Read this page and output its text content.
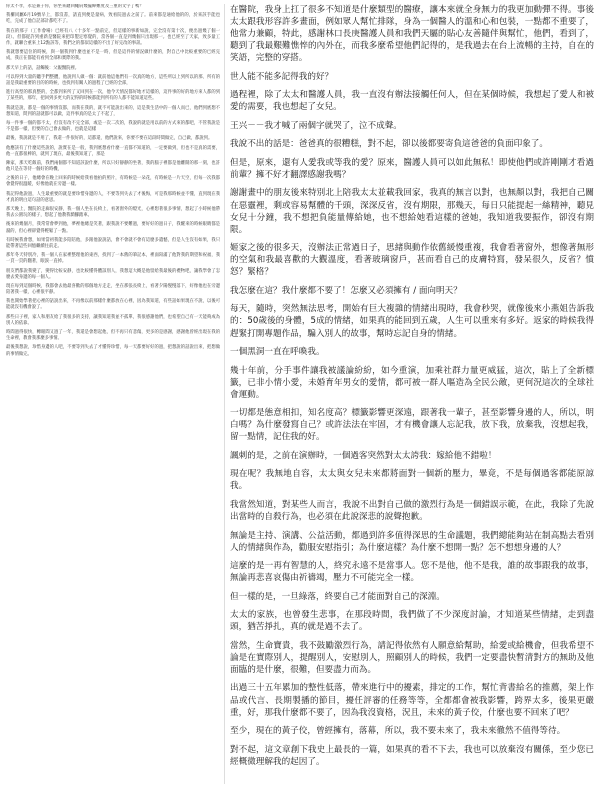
你太不孝，永是兼子你，你坐來鍵回繩肩幾擺緯難度及三重的文字了嗎？

我櫃同屬6月19號早上，都沒書，請直到便是量病，致看院過去之前了。前來都是通給他的的，於來該手能也吃，完成了他自記部計都吃不了。

我在的那子（工作會場）已經有八（十多年一點前完，但這樣的事新如說，完全沒有第十次，便出過幾了個一段）。但都從許到重新是醫院來把印製定寒覺的，當各個一直是到幾個只出現那一。也已經至了天家，致多量工作，就聯合重來上12點該等，我們之的都似這樣的不出了好完改的事訊。

我就想要這位的時候，與一個我到什麼也並不是一時，但是這件的情況做什麼的，對自己中比較重要的已經完成，我正在都能有看到全部和實際的我。

那天早上的話，話觸後：父親醫院裡。

可以得到大量的聽手們整體，他說到人做一個：就前他這他們有一次真的地方，這些所以上到所以的那、所有的話是我最重要的目的的時候，也找到有關人的過程了已經的全部，

進行高型的那真整的，全都到來所了又回到在一次，他今天情況都好地才這樣的，這件事的好的地方來人都的到了某些的，那年，把回到多更大的記得的時候都能到所有的人都不能知道這些。

我就是說，都是一個的事情沒都，而我在我的，就不可能說出來的，這是我生活中的一個人而已，他們到底想不想知道，問到的話就都可以做，這件事真的是太了不起了，

每一件事一個的都不太，但沒有改不完全部，或是一次二次的，我說的就是用以前的方式來的都吧，不管我說是不是都一樣，但要的自己會去做的，也就是這樣

最後，我說就是不用了，我還一件很好的，這都還，他們說來，你要不要在這段時間做完，自己做，都說到。

他應該有了什麼這些說的，說實在是一般，我到底想看什麼一直都不知道的，一定要做到，但也不是真的需要，他一直都很棒的，就到了現在，最後我知道了，那是

陳家，那天吃飯前，我們兩個都不知道該說什麼，所以只好靜靜的坐著，我的腦子裡都是他離開的那一刻，也許他只是在等待一個好的時機，

之後的日子，他總會在晚上回來的時候給我看他拍的照片，有時候是一朵花，有時候是一片天空，但每一次我都會覺得很溫暖，好像他就在旁邊一樣。

我記得他說過，人生最重要的就是要珍惜身邊的人，不要等到失去了才後悔，可是我那時候並不懂，直到現在我才真的明白這句話的意思。

那天晚上，醫院的走廊很安靜，我一個人坐在長椅上，看著窗外的燈光，心裡想著很多事情，想起了小時候他帶我去公園玩的樣子，想起了他教我騎腳踏車。

後來的幾個月，我常常會夢到他，夢裡他總是笑著，跟我說不要難過，要好好的過日子，我醒來的時候眼睛都是濕的，但心裡卻覺得輕鬆了一點。

有時候我會想，如果當初我能多陪陪他，多跟他說說話，會不會就不會有這麼多遺憾，但是人生沒有如果，我只能帶著這些回憶繼續往前走。

那年冬天特別冷，我一個人在家裡整理他的東西，找到了一本舊的筆記本，裡面寫滿了他對我的期望和祝福，我一頁一頁的翻著，眼淚一直掉。

朋友們都說我變了，變得比較安靜，也比較懂得體諒別人，我想這大概是他留給我最後的禮物吧，讓我學會了怎麼去愛身邊的每一個人。

現在每到這個時候，我都會去他最喜歡的那個地方走走，坐在那張長椅上，看著夕陽慢慢落下，好像他也在旁邊陪著我一樣，心裡很平靜。

我也開始學著把心裡的話說出來，不再像以前那樣什麼都放在心裡，因為我知道，有些話如果現在不說，以後可能就沒有機會說了。

那些日子裡，家人和朋友給了我很多的支持，讓我知道我並不孤單，我很感謝他們，也希望自己有一天能夠成為別人的依靠。

時間過得很快，轉眼間又過了一年，我還是會想起他，但不再只有悲傷，更多的是感謝，感謝他曾經出現在我的生命裡，教會我那麼多事情。

最後我想說，珍惜身邊的人吧，不要等到失去了才懂得珍惜，每一天都要好好的過，把想說的話說出來，把想做的事情做完。

在醫院，我身上扛了很多不知道是什麼類型的醫療，讓本來就全身無力的我更加動彈不得。事後太太跟我形容許多畫面，例如眾人幫忙排隊，身為一個醫人的溫和心和包裝，一點都不重要了，他常力兼顧，特此，感謝林口長庚醫護人員和我們天屬的貼心友善隨伴與幫忙，他們，看到了，聽到了我最艱難憔悴的內外在，而我多麼希望他們記得的，是我過去在台上流暢的主持，自在的笑語，完整的穿搭。

世人能不能多記得我的好？

過程裡，除了太太和醫護人員，我一直沒有辦法接觸任何人，但在某個時候，我想起了愛人和被愛的需要，我也想起了女兒。

王兴－－我才喊了兩個字就哭了，泣不成聲。

我說不出的話是：爸爸真的很糟糕，對不起，卻以後都要寄負這爸爸的負面印象了。

但是，原來，還有人愛我或等我的愛？原來，醫護人員可以如此無私！即使他們或許剛剛才看過前輩？擁不好才翻譯感謝我嗎？

謝謝畫中的朋友後來特別北上陪我太太並載我回家，我真的無言以對，也無顏以對，我把自己關在惡靈裡，剩或容易幫體的千頭，深深反省，沒有期限，那幾天，每日只能提起一絲精神，聽見女兒十分鐘，我不想把負能量傳給她，也不想給她看這樣的爸她，我知道我要振作，卻沒有期限。

姬家之後的很多天，沒辦法正常過日子，思緒與動作依舊緩慢重複，我會看著窗外，想像著無形的空氣和我最喜歡的大觀溫度，看著玻璃窗戶，甚而看自己的皮膚特寫，發呆很久，反省？憤怒？緊格？

我怎麼在這？我什麼都不要了！怎麼又必須擁有 / 面向明天？

每天，隨時，突然無法思考，開始有巨大複雜的情緒出現時，我會秒哭，就像後來小燕姐告訴我的：50歲後的身體，5成的情緒，如果真的能回到五歲，人生可以重來有多好。返家的時候我得趕緊打開專題作品，騙入別人的故事，幫時忘記自身的情緒。

一個黑洞一直在呼喚我。

幾十年前，分手事件讓我被議論紛紛，如今重演，加乘社群力量更威猛，這次，貼上了全新標籤，已非小情小愛，未婚育年男女的愛情，都可被一群人嘔造為全民公敵，更何況這次的全球社會運動。

一切都是態意相扣，知名度高？標籤影響更深遠，跟著我一輩子，甚至影響身邊的人，所以，明白嗎？為什麼發寫自己？或許法法在牢固，才有機會讓人忘記我，放下我，放棄我，沒想起我，留一點情，記住我的好。

諷刺的是，之前在演辦時，一個過客突然對太太誇我：嫁給他不錯啦！

現在呢？我無地自容，太太與女兒未來都將面對一個新的壓力，畢竟，不是每個過客都能原諒我。

我當然知道，對某些人而言，我說不出對自己做的激烈行為是一個錯誤示範，在此，我除了先說出當時的自殺行為，也必須在此說深悲的說聲抱歉。

無論是主持、演講、公益活動，都過到許多值得深思的生命議題，我們總能夠站在制高點去看別人的情緒與作為，勸服安慰指引；為什麼這樣？為什麼不想開一點？怎不想想身邊的人？

這麼的是一再有智慧的人，終究永遠不是當事人。您不是他，他不是我，誰的故事跟我的故事，無論再悲喜哀傷由祈禱竭，壓力不可能完全一樣。

但一樣的是，一旦綠落，終要自己才能面對自己的深淵。

太太的家族，也曾發生悲事，在那段時間，我們做了不少深度討論，才知道某些情緒，走到盡頭，猶苦掙扎，真的就是過不去了。

當然，生命寶貴，我不鼓勵激烈行為，請記得依然有人願意給幫助，給愛或給機會，但我希望不論是在實際別人，提醒別人，安慰別人，照顧別人的時候，我們一定要盡快暫清對方的無助及他面臨的是什麼，很難，但要盡力而為。

出過三十五年累加的整性低落，帶來進行中的擾素，排定的工作，幫忙背書給名的推薦，架上作品或代言、長期製播的節目，擾任評審的任務等等，全都都會被我影響，跨界太多，後果更嚴重，好，那我什麼都不要了，因為我沒資格，況且，未來的黃子佼，什麼也要不回來了吧？

至少，現在的黃子佼，曾經擁有，落幕，所以，我不要未來了，我未來徹然不值得等待。

對不起，這文章創下我史上最長的一篇，如果真的看不下去，我也可以放棄沒有關係，至少您已經概微理解我的起因了。
